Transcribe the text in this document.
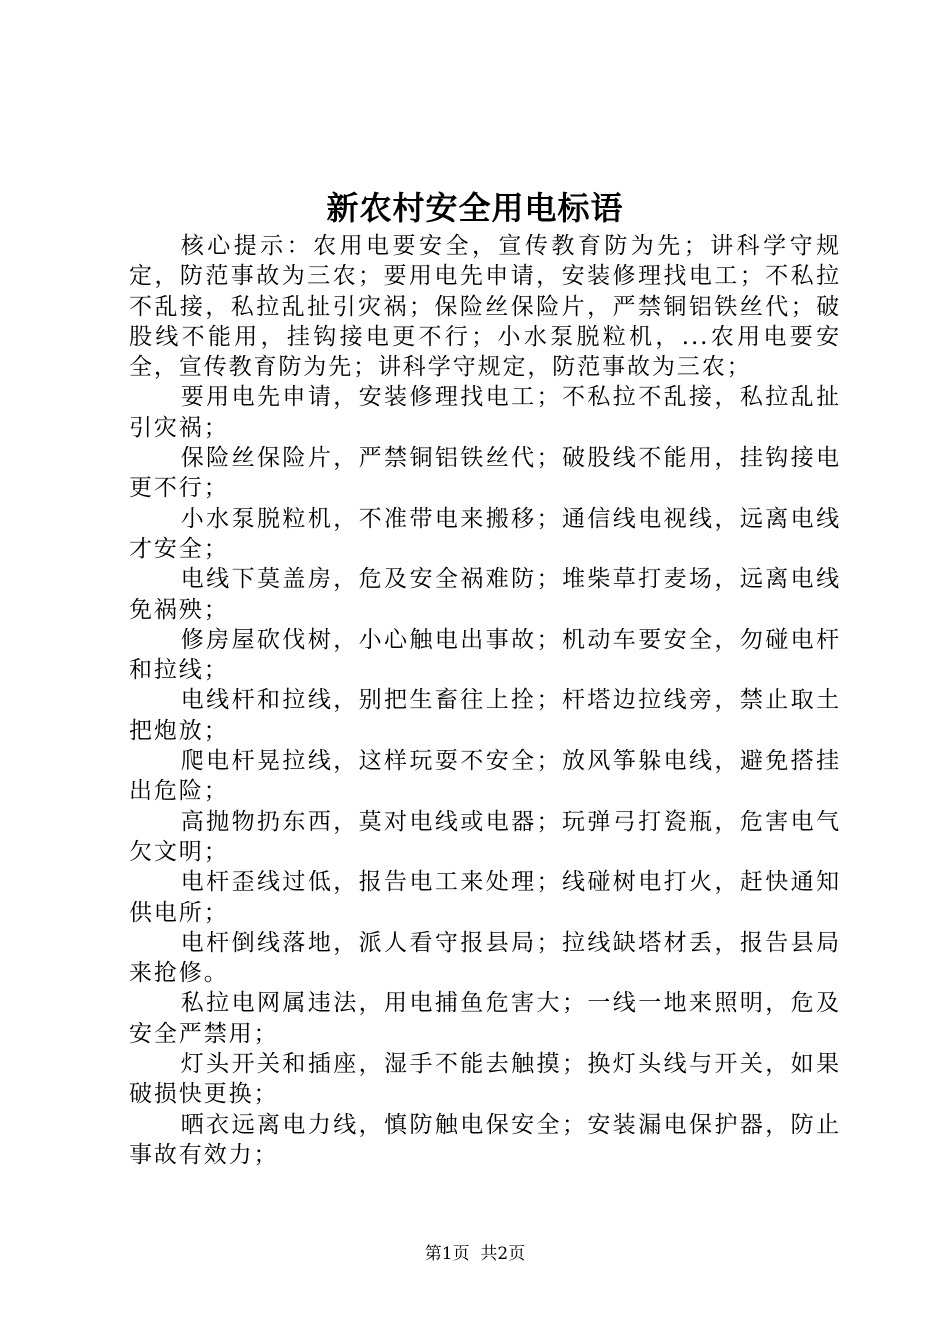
新农村安全用电标语

核心提示：农用电要安全，宣传教育防为先；讲科学守规定，防范事故为三农；要用电先申请，安装修理找电工；不私拉不乱接，私拉乱扯引灾祸；保险丝保险片，严禁铜铝铁丝代；破股线不能用，挂钩接电更不行；小水泵脱粒机，...农用电要安全，宣传教育防为先；讲科学守规定，防范事故为三农；

要用电先申请，安装修理找电工；不私拉不乱接，私拉乱扯引灾祸；

保险丝保险片，严禁铜铝铁丝代；破股线不能用，挂钩接电更不行；

小水泵脱粒机，不准带电来搬移；通信线电视线，远离电线才安全；

电线下莫盖房，危及安全祸难防；堆柴草打麦场，远离电线免祸殃；

修房屋砍伐树，小心触电出事故；机动车要安全，勿碰电杆和拉线；

电线杆和拉线，别把生畜往上拴；杆塔边拉线旁，禁止取土把炮放；

爬电杆晃拉线，这样玩耍不安全；放风筝躲电线，避免搭挂出危险；

高抛物扔东西，莫对电线或电器；玩弹弓打瓷瓶，危害电气欠文明；

电杆歪线过低，报告电工来处理；线碰树电打火，赶快通知供电所；

电杆倒线落地，派人看守报县局；拉线缺塔材丢，报告县局来抢修。

私拉电网属违法，用电捕鱼危害大；一线一地来照明，危及安全严禁用；

灯头开关和插座，湿手不能去触摸；换灯头线与开关，如果破损快更换；

晒衣远离电力线，慎防触电保安全；安装漏电保护器，防止事故有效力；

第1页  共2页
